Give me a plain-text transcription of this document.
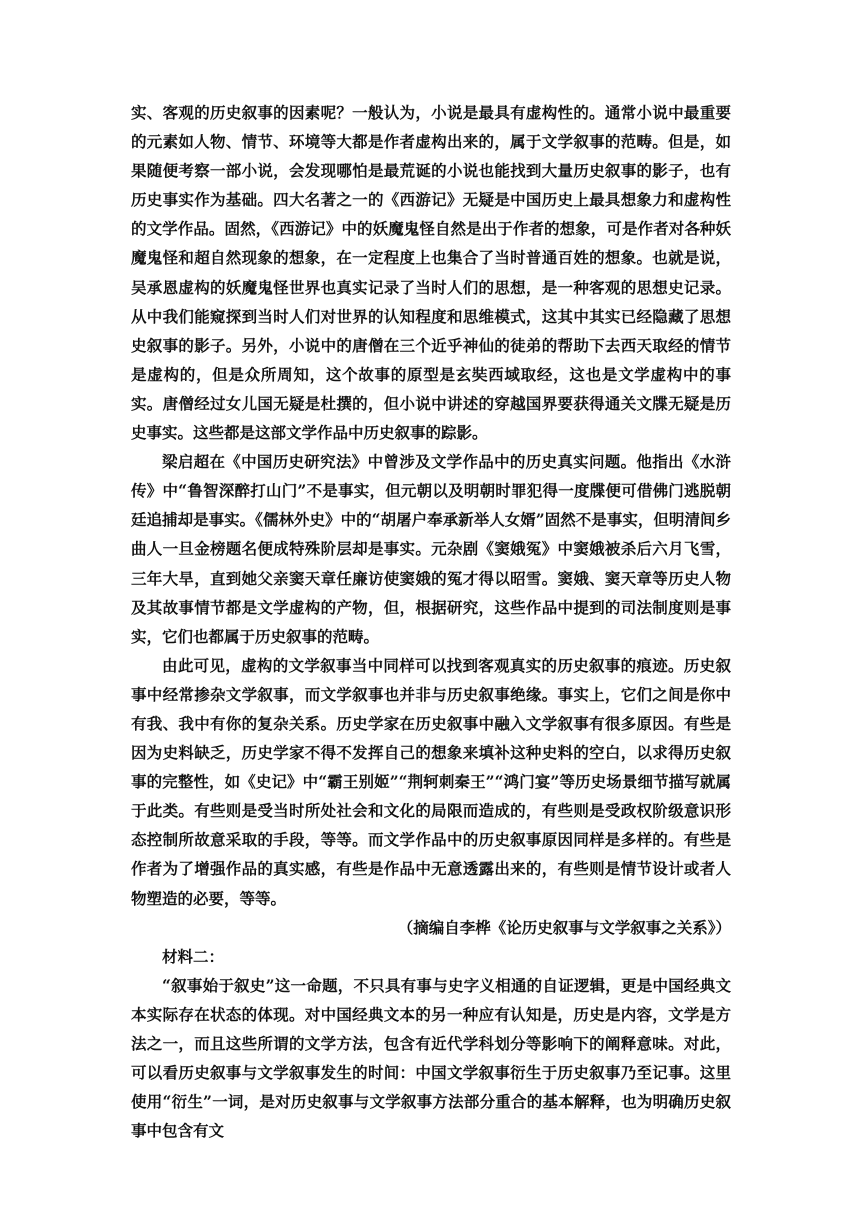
实、客观的历史叙事的因素呢？一般认为，小说是最具有虚构性的。通常小说中最重要的元素如人物、情节、环境等大都是作者虚构出来的，属于文学叙事的范畴。但是，如果随便考察一部小说，会发现哪怕是最荒诞的小说也能找到大量历史叙事的影子，也有历史事实作为基础。四大名著之一的《西游记》无疑是中国历史上最具想象力和虚构性的文学作品。固然，《西游记》中的妖魔鬼怪自然是出于作者的想象，可是作者对各种妖魔鬼怪和超自然现象的想象，在一定程度上也集合了当时普通百姓的想象。也就是说，吴承恩虚构的妖魔鬼怪世界也真实记录了当时人们的思想，是一种客观的思想史记录。从中我们能窥探到当时人们对世界的认知程度和思维模式，这其中其实已经隐藏了思想史叙事的影子。另外，小说中的唐僧在三个近乎神仙的徒弟的帮助下去西天取经的情节是虚构的，但是众所周知，这个故事的原型是玄奘西域取经，这也是文学虚构中的事实。唐僧经过女儿国无疑是杜撰的，但小说中讲述的穿越国界要获得通关文牒无疑是历史事实。这些都是这部文学作品中历史叙事的踪影。

梁启超在《中国历史研究法》中曾涉及文学作品中的历史真实问题。他指出《水浒传》中“鲁智深醉打山门”不是事实，但元朝以及明朝时罪犯得一度牒便可借佛门逃脱朝廷追捕却是事实。《儒林外史》中的“胡屠户奉承新举人女婿”固然不是事实，但明清间乡曲人一旦金榜题名便成特殊阶层却是事实。元杂剧《窦娥冤》中窦娥被杀后六月飞雪，三年大旱，直到她父亲窦天章任廉访使窦娥的冤才得以昭雪。窦娥、窦天章等历史人物及其故事情节都是文学虚构的产物，但，根据研究，这些作品中提到的司法制度则是事实，它们也都属于历史叙事的范畴。

由此可见，虚构的文学叙事当中同样可以找到客观真实的历史叙事的痕迹。历史叙事中经常掺杂文学叙事，而文学叙事也并非与历史叙事绝缘。事实上，它们之间是你中有我、我中有你的复杂关系。历史学家在历史叙事中融入文学叙事有很多原因。有些是因为史料缺乏，历史学家不得不发挥自己的想象来填补这种史料的空白，以求得历史叙事的完整性，如《史记》中“霸王别姬”“荆轲刺秦王”“鸿门宴”等历史场景细节描写就属于此类。有些则是受当时所处社会和文化的局限而造成的，有些则是受政权阶级意识形态控制所故意采取的手段，等等。而文学作品中的历史叙事原因同样是多样的。有些是作者为了增强作品的真实感，有些是作品中无意透露出来的，有些则是情节设计或者人物塑造的必要，等等。

（摘编自李桦《论历史叙事与文学叙事之关系》）

材料二：

“叙事始于叙史”这一命题，不只具有事与史字义相通的自证逻辑，更是中国经典文本实际存在状态的体现。对中国经典文本的另一种应有认知是，历史是内容，文学是方法之一，而且这些所谓的文学方法，包含有近代学科划分等影响下的阐释意味。对此，可以看历史叙事与文学叙事发生的时间：中国文学叙事衍生于历史叙事乃至记事。这里使用“衍生”一词，是对历史叙事与文学叙事方法部分重合的基本解释，也为明确历史叙事中包含有文
